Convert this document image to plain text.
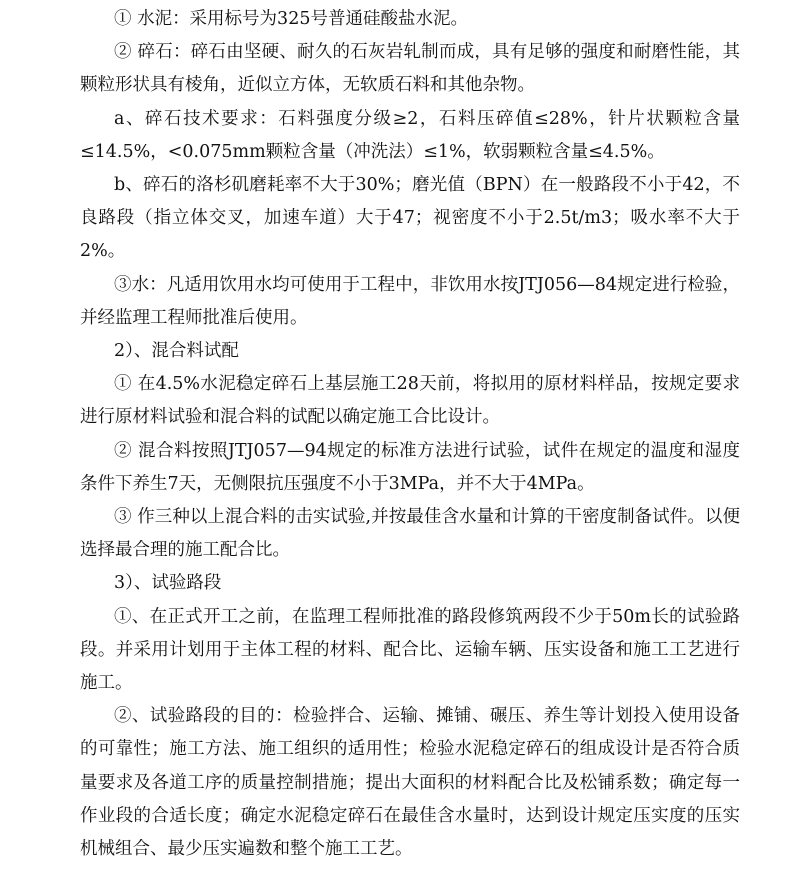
① 水泥：采用标号为325号普通硅酸盐水泥。

② 碎石：碎石由坚硬、耐久的石灰岩轧制而成，具有足够的强度和耐磨性能，其颗粒形状具有棱角，近似立方体，无软质石料和其他杂物。

a、碎石技术要求：石料强度分级≥2，石料压碎值≤28%，针片状颗粒含量≤14.5%，<0.075mm颗粒含量（冲洗法）≤1%，软弱颗粒含量≤4.5%。

b、碎石的洛杉矶磨耗率不大于30%；磨光值（BPN）在一般路段不小于42，不良路段（指立体交叉，加速车道）大于47；视密度不小于2.5t/m3；吸水率不大于2%。

③水：凡适用饮用水均可使用于工程中，非饮用水按JTJ056—84规定进行检验，并经监理工程师批准后使用。

2）、混合料试配

① 在4.5%水泥稳定碎石上基层施工28天前，将拟用的原材料样品，按规定要求进行原材料试验和混合料的试配以确定施工合比设计。

② 混合料按照JTJ057—94规定的标准方法进行试验，试件在规定的温度和湿度条件下养生7天，无侧限抗压强度不小于3MPa，并不大于4MPa。

③ 作三种以上混合料的击实试验,并按最佳含水量和计算的干密度制备试件。以便选择最合理的施工配合比。

3）、试验路段

①、在正式开工之前，在监理工程师批准的路段修筑两段不少于50m长的试验路段。并采用计划用于主体工程的材料、配合比、运输车辆、压实设备和施工工艺进行施工。

②、试验路段的目的：检验拌合、运输、摊铺、碾压、养生等计划投入使用设备的可靠性；施工方法、施工组织的适用性；检验水泥稳定碎石的组成设计是否符合质量要求及各道工序的质量控制措施；提出大面积的材料配合比及松铺系数；确定每一作业段的合适长度；确定水泥稳定碎石在最佳含水量时，达到设计规定压实度的压实机械组合、最少压实遍数和整个施工工艺。
